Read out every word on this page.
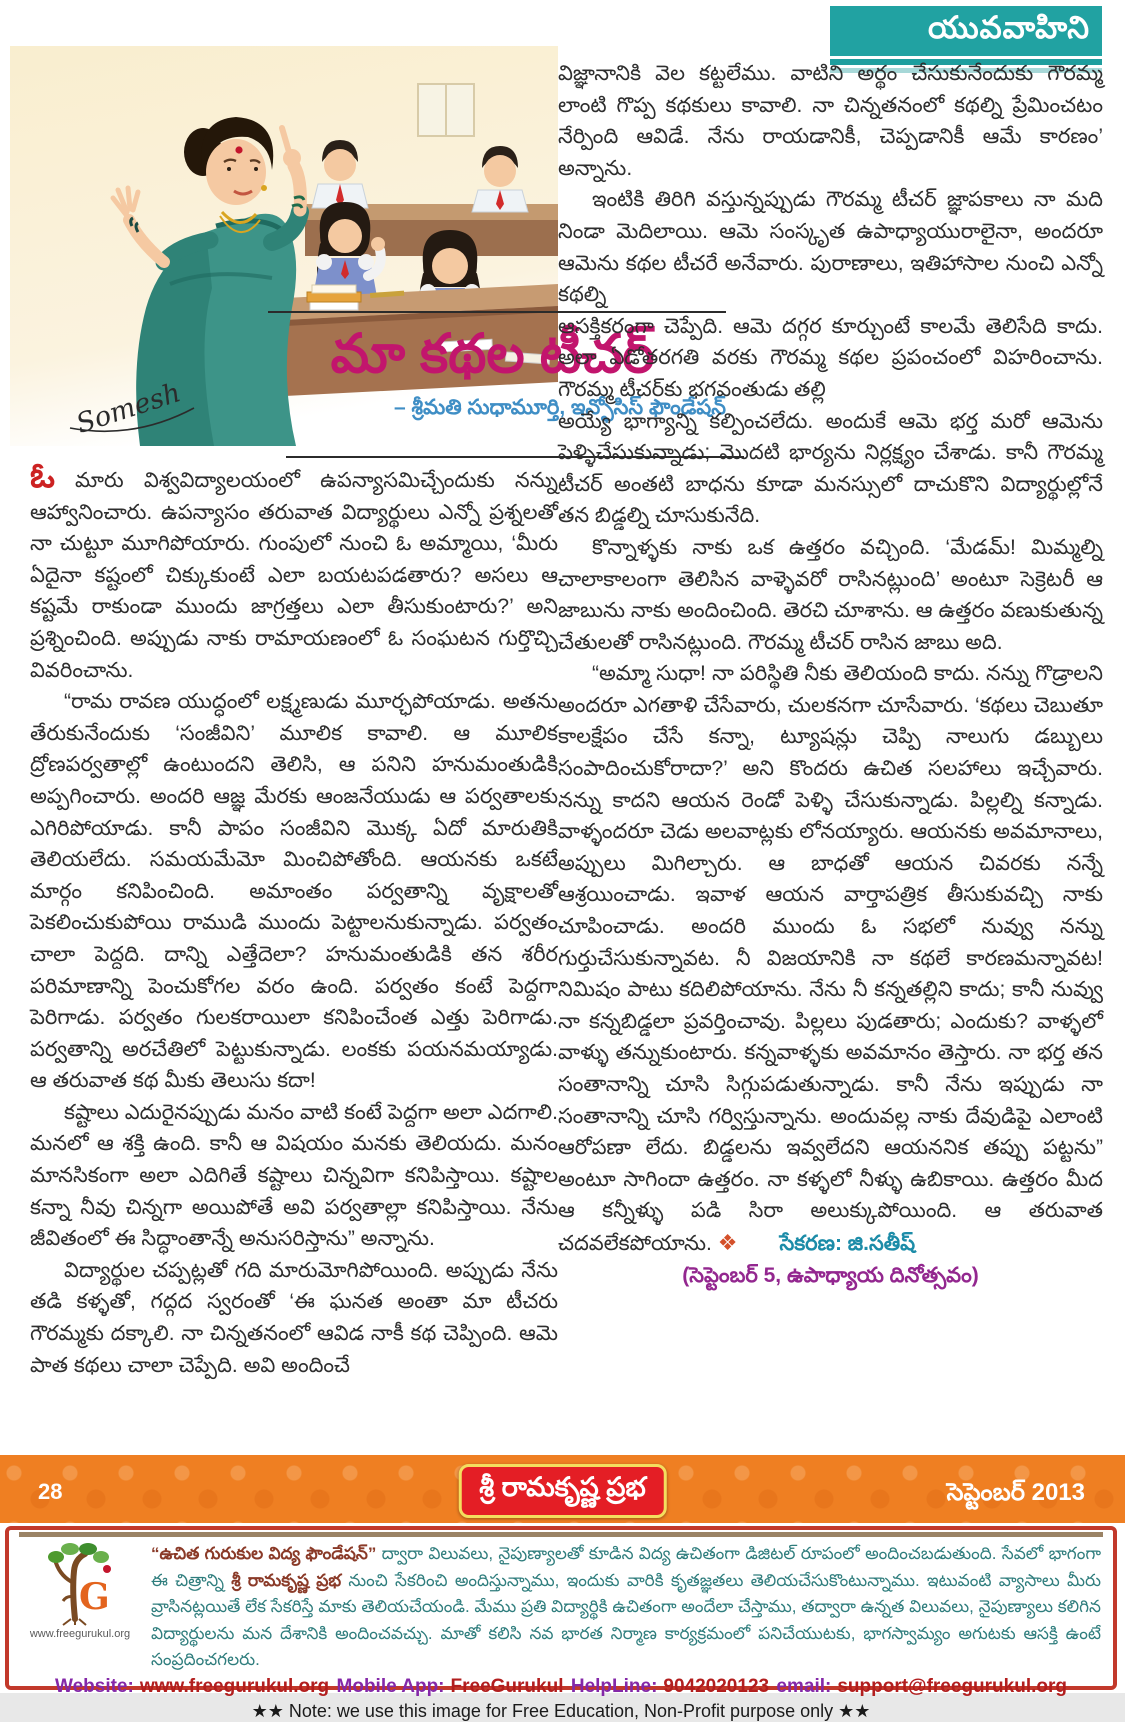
యువవాహిని
Somesh
మా కథల టీచర్
– శ్రీమతి సుధామూర్తి, ఇన్ఫోసిస్ ఫౌండేషన్

ఓ మారు విశ్వవిద్యాలయంలో ఉపన్యాసమిచ్చేందుకు నన్ను ఆహ్వానించారు. ఉపన్యాసం తరువాత విద్యార్థులు ఎన్నో ప్రశ్నలతో నా చుట్టూ మూగిపోయారు. గుంపులో నుంచి ఓ అమ్మాయి, ‘మీరు ఏదైనా కష్టంలో చిక్కుకుంటే ఎలా బయటపడతారు? అసలు ఆ కష్టమే రాకుండా ముందు జాగ్రత్తలు ఎలా తీసుకుంటారు?’ అని ప్రశ్నించింది. అప్పుడు నాకు రామాయణంలో ఓ సంఘటన గుర్తొచ్చి వివరించాను.

“రామ రావణ యుద్ధంలో లక్ష్మణుడు మూర్ఛపోయాడు. అతను తేరుకునేందుకు ‘సంజీవిని’ మూలిక కావాలి. ఆ మూలిక ద్రోణపర్వతాల్లో ఉంటుందని తెలిసి, ఆ పనిని హనుమంతుడికి అప్పగించారు. అందరి ఆజ్ఞ మేరకు ఆంజనేయుడు ఆ పర్వతాలకు ఎగిరిపోయాడు. కానీ పాపం సంజీవిని మొక్క ఏదో మారుతికి తెలియలేదు. సమయమేమో మించిపోతోంది. ఆయనకు ఒకటే మార్గం కనిపించింది. అమాంతం పర్వతాన్ని వృక్షాలతో పెకలించుకుపోయి రాముడి ముందు పెట్టాలనుకున్నాడు. పర్వతం చాలా పెద్దది. దాన్ని ఎత్తేదెలా? హనుమంతుడికి తన శరీర పరిమాణాన్ని పెంచుకోగల వరం ఉంది. పర్వతం కంటే పెద్దగా పెరిగాడు. పర్వతం గులకరాయిలా కనిపించేంత ఎత్తు పెరిగాడు. పర్వతాన్ని అరచేతిలో పెట్టుకున్నాడు. లంకకు పయనమయ్యాడు. ఆ తరువాత కథ మీకు తెలుసు కదా!

కష్టాలు ఎదురైనప్పుడు మనం వాటి కంటే పెద్దగా అలా ఎదగాలి. మనలో ఆ శక్తి ఉంది. కానీ ఆ విషయం మనకు తెలియదు. మనం మానసికంగా అలా ఎదిగితే కష్టాలు చిన్నవిగా కనిపిస్తాయి. కష్టాల కన్నా నీవు చిన్నగా అయిపోతే అవి పర్వతాల్లా కనిపిస్తాయి. నేను జీవితంలో ఈ సిద్ధాంతాన్నే అనుసరిస్తాను” అన్నాను.

విద్యార్థుల చప్పట్లతో గది మారుమోగిపోయింది. అప్పుడు నేను తడి కళ్ళతో, గద్గద స్వరంతో ‘ఈ ఘనత అంతా మా టీచరు గౌరమ్మకు దక్కాలి. నా చిన్నతనంలో ఆవిడ నాకీ కథ చెప్పింది. ఆమె పాత కథలు చాలా చెప్పేది. అవి అందించే

విజ్ఞానానికి వెల కట్టలేము. వాటిని అర్థం చేసుకునేందుకు గౌరమ్మ లాంటి గొప్ప కథకులు కావాలి. నా చిన్నతనంలో కథల్ని ప్రేమించటం నేర్పింది ఆవిడే. నేను రాయడానికీ, చెప్పడానికీ ఆమే కారణం’ అన్నాను.

ఇంటికి తిరిగి వస్తున్నప్పుడు గౌరమ్మ టీచర్ జ్ఞాపకాలు నా మది నిండా మెదిలాయి. ఆమె సంస్కృత ఉపాధ్యాయురాలైనా, అందరూ ఆమెను కథల టీచరే అనేవారు. పురాణాలు, ఇతిహాసాల నుంచి ఎన్నో కథల్ని

ఆసక్తికరంగా చెప్పేది. ఆమె దగ్గర కూర్చుంటే కాలమే తెలిసేది కాదు. అలా ఏడోతరగతి వరకు గౌరమ్మ కథల ప్రపంచంలో విహరించాను. గౌరమ్మ టీచర్‌కు భగవంతుడు తల్లి

అయ్యే భాగ్యాన్ని కల్పించలేదు. అందుకే ఆమె భర్త మరో ఆమెను పెళ్ళిచేసుకున్నాడు; మొదటి భార్యను నిర్లక్ష్యం చేశాడు. కానీ గౌరమ్మ టీచర్ అంతటి బాధను కూడా మనస్సులో దాచుకొని విద్యార్థుల్లోనే తన బిడ్డల్ని చూసుకునేది.

కొన్నాళ్ళకు నాకు ఒక ఉత్తరం వచ్చింది. ‘మేడమ్! మిమ్మల్ని చాలాకాలంగా తెలిసిన వాళ్ళెవరో రాసినట్లుంది’ అంటూ సెక్రెటరీ ఆ జాబును నాకు అందించింది. తెరచి చూశాను. ఆ ఉత్తరం వణుకుతున్న చేతులతో రాసినట్లుంది. గౌరమ్మ టీచర్ రాసిన జాబు అది.

“అమ్మా సుధా! నా పరిస్థితి నీకు తెలియంది కాదు. నన్ను గొడ్రాలని అందరూ ఎగతాళి చేసేవారు, చులకనగా చూసేవారు. ‘కథలు చెబుతూ కాలక్షేపం చేసే కన్నా, ట్యూషన్లు చెప్పి నాలుగు డబ్బులు సంపాదించుకోరాదా?’ అని కొందరు ఉచిత సలహాలు ఇచ్చేవారు. నన్ను కాదని ఆయన రెండో పెళ్ళి చేసుకున్నాడు. పిల్లల్ని కన్నాడు. వాళ్ళందరూ చెడు అలవాట్లకు లోనయ్యారు. ఆయనకు అవమానాలు, అప్పులు మిగిల్చారు. ఆ బాధతో ఆయన చివరకు నన్నే ఆశ్రయించాడు. ఇవాళ ఆయన వార్తాపత్రిక తీసుకువచ్చి నాకు చూపించాడు. అందరి ముందు ఓ సభలో నువ్వు నన్ను గుర్తుచేసుకున్నావట. నీ విజయానికి నా కథలే కారణమన్నావట! నిమిషం పాటు కదిలిపోయాను. నేను నీ కన్నతల్లిని కాదు; కానీ నువ్వు నా కన్నబిడ్డలా ప్రవర్తించావు. పిల్లలు పుడతారు; ఎందుకు? వాళ్ళలో వాళ్ళు తన్నుకుంటారు. కన్నవాళ్ళకు అవమానం తెస్తారు. నా భర్త తన సంతానాన్ని చూసి సిగ్గుపడుతున్నాడు. కానీ నేను ఇప్పుడు నా సంతానాన్ని చూసి గర్విస్తున్నాను. అందువల్ల నాకు దేవుడిపై ఎలాంటి ఆరోపణా లేదు. బిడ్డలను ఇవ్వలేదని ఆయననిక తప్పు పట్టను” అంటూ సాగిందా ఉత్తరం. నా కళ్ళలో నీళ్ళు ఉబికాయి. ఉత్తరం మీద ఆ కన్నీళ్ళు పడి సిరా అలుక్కుపోయింది. ఆ తరువాత చదవలేకపోయాను. ❖ సేకరణ: జి.సతీష్

(సెప్టెంబర్ 5, ఉపాధ్యాయ దినోత్సవం)

28	శ్రీ రామకృష్ణ ప్రభ	సెప్టెంబర్ 2013
G
www.freegurukul.org
“ఉచిత గురుకుల విద్య ఫౌండేషన్” ద్వారా విలువలు, నైపుణ్యాలతో కూడిన విద్య ఉచితంగా డిజిటల్ రూపంలో అందించబడుతుంది. సేవలో భాగంగా ఈ చిత్రాన్ని శ్రీ రామకృష్ణ ప్రభ నుంచి సేకరించి అందిస్తున్నాము, ఇందుకు వారికి కృతజ్ఞతలు తెలియచేసుకొంటున్నాము. ఇటువంటి వ్యాసాలు మీరు వ్రాసినట్లయితే లేక సేకరిస్తే మాకు తెలియచేయండి. మేము ప్రతి విద్యార్థికి ఉచితంగా అందేలా చేస్తాము, తద్వారా ఉన్నత విలువలు, నైపుణ్యాలు కలిగిన విద్యార్థులను మన దేశానికి అందించవచ్చు. మాతో కలిసి నవ భారత నిర్మాణ కార్యక్రమంలో పనిచేయుటకు, భాగస్వామ్యం అగుటకు ఆసక్తి ఉంటే సంప్రదించగలరు.
Website: www.freegurukul.org Mobile App: FreeGurukul HelpLine: 9042020123 email: support@freegurukul.org
★★ Note: we use this image for Free Education, Non-Profit purpose only ★★
